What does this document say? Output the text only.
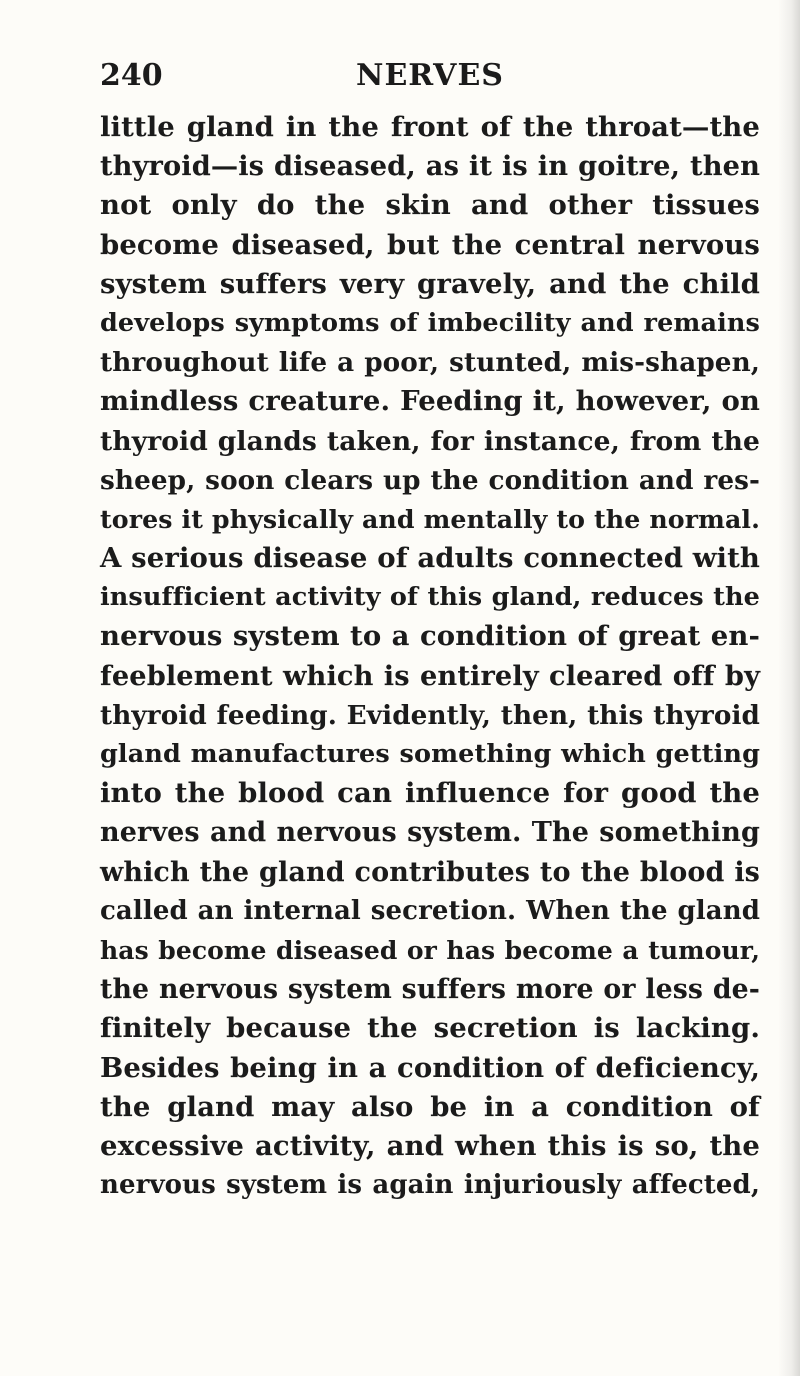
240	NERVES
little gland in the front of the throat—the
thyroid—is diseased, as it is in goitre, then
not only do the skin and other tissues
become diseased, but the central nervous
system suffers very gravely, and the child
develops symptoms of imbecility and remains
throughout life a poor, stunted, mis-shapen,
mindless creature. Feeding it, however, on
thyroid glands taken, for instance, from the
sheep, soon clears up the condition and res-
tores it physically and mentally to the normal.
A serious disease of adults connected with
insufficient activity of this gland, reduces the
nervous system to a condition of great en-
feeblement which is entirely cleared off by
thyroid feeding. Evidently, then, this thyroid
gland manufactures something which getting
into the blood can influence for good the
nerves and nervous system. The something
which the gland contributes to the blood is
called an internal secretion. When the gland
has become diseased or has become a tumour,
the nervous system suffers more or less de-
finitely because the secretion is lacking.
Besides being in a condition of deficiency,
the gland may also be in a condition of
excessive activity, and when this is so, the
nervous system is again injuriously affected,
